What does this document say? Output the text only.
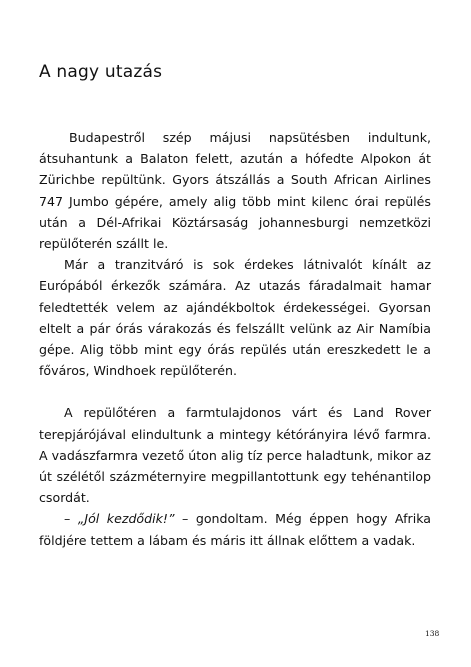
A nagy utazás

Budapestről szép májusi napsütésben indultunk, átsuhantunk a Balaton felett, azután a hófedte Alpokon át Zürichbe repültünk. Gyors átszállás a South African Airlines 747 Jumbo gépére, amely alig több mint kilenc órai repülés után a Dél-Afrikai Köztársaság johannesburgi nemzetközi repülőterén szállt le.

Már a tranzitváró is sok érdekes látnivalót kínált az Európából érkezők számára. Az utazás fáradalmait hamar feledtették velem az ajándékboltok érdekességei. Gyorsan eltelt a pár órás várakozás és felszállt velünk az Air Namíbia gépe. Alig több mint egy órás repülés után ereszkedett le a főváros, Windhoek repülőterén.

A repülőtéren a farmtulajdonos várt és Land Rover terepjárójával elindultunk a mintegy kétórányira lévő farmra. A vadászfarmra vezető úton alig tíz perce haladtunk, mikor az út szélétől százméternyire megpillantottunk egy tehénantilop csordát.

– „Jól kezdődik!” – gondoltam. Még éppen hogy Afrika földjére tettem a lábam és máris itt állnak előttem a vadak.

138
